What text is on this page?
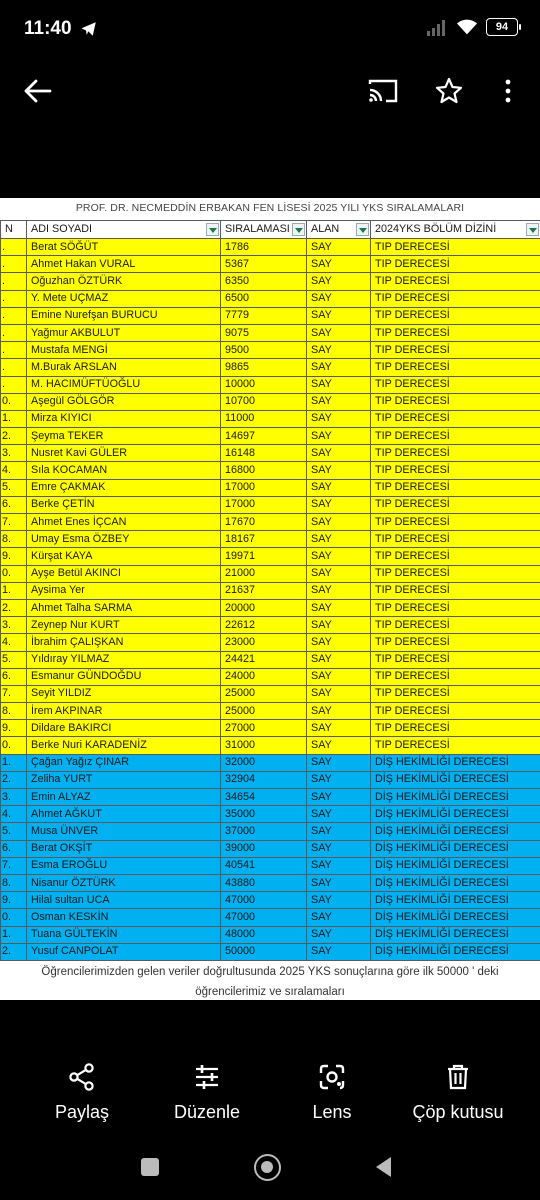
11:40	94
PROF. DR. NECMEDDİN ERBAKAN FEN LİSESİ 2025 YILI YKS SIRALAMALARI
N	ADI SOYADI	SIRALAMASI	ALAN	2024YKS BÖLÜM DİZİNİ

.	Berat SÖĞÜT	1786	SAY	TIP DERECESİ
.	Ahmet Hakan VURAL	5367	SAY	TIP DERECESİ
.	Oğuzhan ÖZTÜRK	6350	SAY	TIP DERECESİ
.	Y. Mete UÇMAZ	6500	SAY	TIP DERECESİ
.	Emine Nurefşan BURUCU	7779	SAY	TIP DERECESİ
.	Yağmur AKBULUT	9075	SAY	TIP DERECESİ
.	Mustafa MENGİ	9500	SAY	TIP DERECESİ
.	M.Burak ARSLAN	9865	SAY	TIP DERECESİ
.	M. HACIMÜFTÜOĞLU	10000	SAY	TIP DERECESİ
0.	Aşegül GÖLGÖR	10700	SAY	TIP DERECESİ
1.	Mirza KIYICI	11000	SAY	TIP DERECESİ
2.	Şeyma TEKER	14697	SAY	TIP DERECESİ
3.	Nusret Kavi GÜLER	16148	SAY	TIP DERECESİ
4.	Sıla KOCAMAN	16800	SAY	TIP DERECESİ
5.	Emre ÇAKMAK	17000	SAY	TIP DERECESİ
6.	Berke ÇETİN	17000	SAY	TIP DERECESİ
7.	Ahmet Enes İÇCAN	17670	SAY	TIP DERECESİ
8.	Umay Esma ÖZBEY	18167	SAY	TIP DERECESİ
9.	Kürşat KAYA	19971	SAY	TIP DERECESİ
0.	Ayşe Betül AKINCI	21000	SAY	TIP DERECESİ
1.	Aysima Yer	21637	SAY	TIP DERECESİ
2.	Ahmet Talha SARMA	20000	SAY	TIP DERECESİ
3.	Zeynep Nur KURT	22612	SAY	TIP DERECESİ
4.	İbrahim ÇALIŞKAN	23000	SAY	TIP DERECESİ
5.	Yıldıray YILMAZ	24421	SAY	TIP DERECESİ
6.	Esmanur GÜNDOĞDU	24000	SAY	TIP DERECESİ
7.	Seyit YILDIZ	25000	SAY	TIP DERECESİ
8.	İrem AKPINAR	25000	SAY	TIP DERECESİ
9.	Dildare BAKIRCI	27000	SAY	TIP DERECESİ
0.	Berke Nuri KARADENİZ	31000	SAY	TIP DERECESİ
1.	Çağan Yağız ÇINAR	32000	SAY	DİŞ HEKİMLİĞİ DERECESİ
2.	Zeliha YURT	32904	SAY	DİŞ HEKİMLİĞİ DERECESİ
3.	Emin ALYAZ	34654	SAY	DİŞ HEKİMLİĞİ DERECESİ
4.	Ahmet AĞKUT	35000	SAY	DİŞ HEKİMLİĞİ DERECESİ
5.	Musa ÜNVER	37000	SAY	DİŞ HEKİMLİĞİ DERECESİ
6.	Berat OKŞİT	39000	SAY	DİŞ HEKİMLİĞİ DERECESİ
7.	Esma EROĞLU	40541	SAY	DİŞ HEKİMLİĞİ DERECESİ
8.	Nisanur ÖZTÜRK	43880	SAY	DİŞ HEKİMLİĞİ DERECESİ
9.	Hilal sultan UCA	47000	SAY	DİŞ HEKİMLİĞİ DERECESİ
0.	Osman KESKİN	47000	SAY	DİŞ HEKİMLİĞİ DERECESİ
1.	Tuana GÜLTEKİN	48000	SAY	DİŞ HEKİMLİĞİ DERECESİ
2.	Yusuf CANPOLAT	50000	SAY	DİŞ HEKİMLİĞİ DERECESİ
Öğrencilerimizden gelen veriler doğrultusunda 2025 YKS sonuçlarına göre ilk 50000 ' deki
öğrencilerimiz ve sıralamaları
Paylaş	Düzenle	Lens	Çöp kutusu
